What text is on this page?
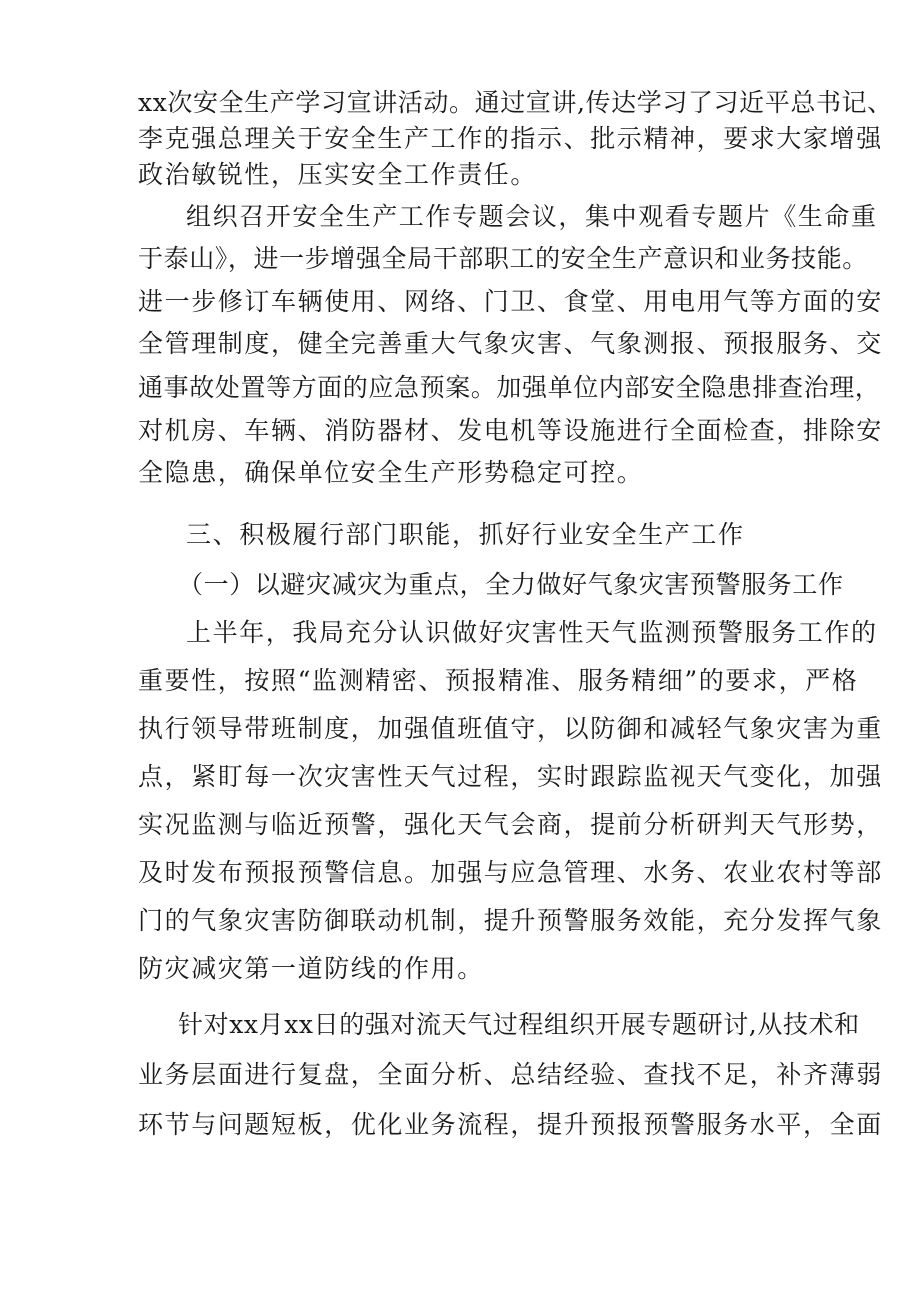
xx次安全生产学习宣讲活动。通过宣讲,传达学习了习近平总书记、
李克强总理关于安全生产工作的指示、批示精神，要求大家增强
政治敏锐性，压实安全工作责任。
组织召开安全生产工作专题会议，集中观看专题片《生命重
于泰山》，进一步增强全局干部职工的安全生产意识和业务技能。
进一步修订车辆使用、网络、门卫、食堂、用电用气等方面的安
全管理制度，健全完善重大气象灾害、气象测报、预报服务、交
通事故处置等方面的应急预案。加强单位内部安全隐患排查治理，
对机房、车辆、消防器材、发电机等设施进行全面检查，排除安
全隐患，确保单位安全生产形势稳定可控。
三、积极履行部门职能，抓好行业安全生产工作
（一）以避灾减灾为重点，全力做好气象灾害预警服务工作
上半年，我局充分认识做好灾害性天气监测预警服务工作的
重要性，按照“监测精密、预报精准、服务精细”的要求，严格
执行领导带班制度，加强值班值守，以防御和减轻气象灾害为重
点，紧盯每一次灾害性天气过程，实时跟踪监视天气变化，加强
实况监测与临近预警，强化天气会商，提前分析研判天气形势，
及时发布预报预警信息。加强与应急管理、水务、农业农村等部
门的气象灾害防御联动机制，提升预警服务效能，充分发挥气象
防灾减灾第一道防线的作用。
针对xx月xx日的强对流天气过程组织开展专题研讨,从技术和
业务层面进行复盘，全面分析、总结经验、查找不足，补齐薄弱
环节与问题短板，优化业务流程，提升预报预警服务水平，全面
